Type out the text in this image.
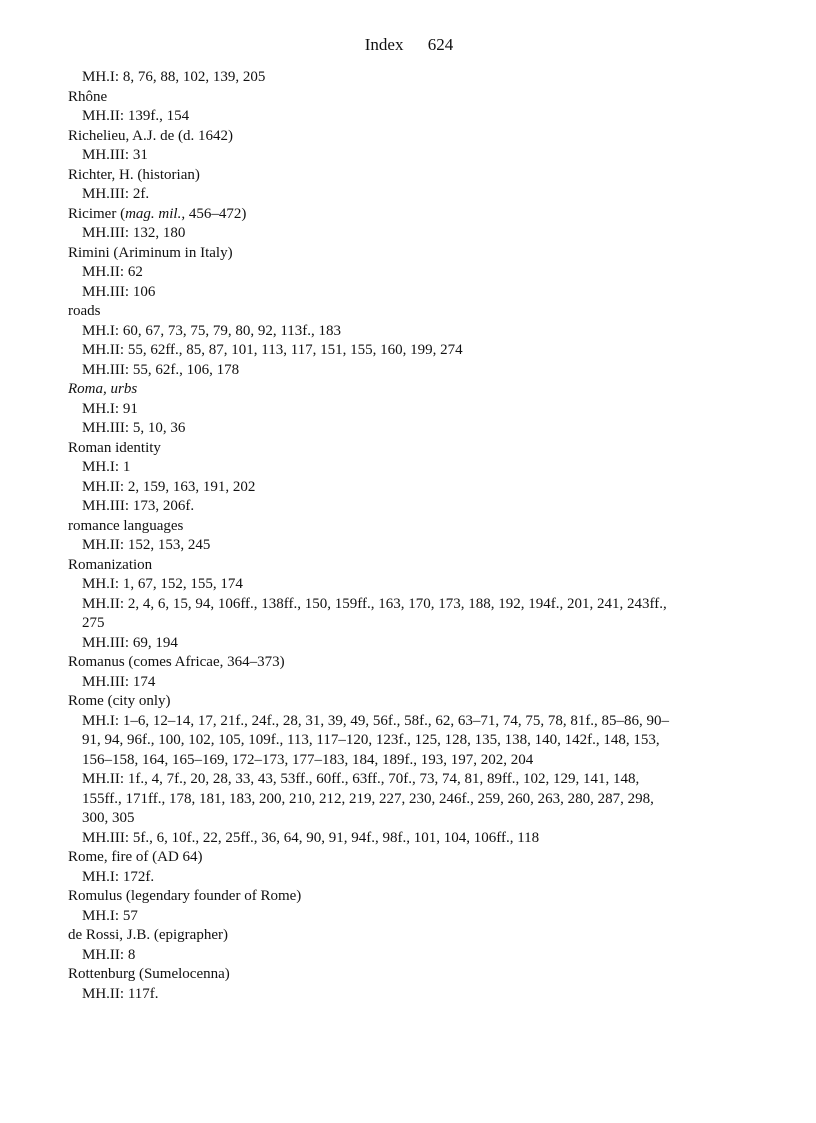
Index 624
MH.I: 8, 76, 88, 102, 139, 205
Rhône
MH.II: 139f., 154
Richelieu, A.J. de (d. 1642)
MH.III: 31
Richter, H. (historian)
MH.III: 2f.
Ricimer (mag. mil., 456–472)
MH.III: 132, 180
Rimini (Ariminum in Italy)
MH.II: 62
MH.III: 106
roads
MH.I: 60, 67, 73, 75, 79, 80, 92, 113f., 183
MH.II: 55, 62ff., 85, 87, 101, 113, 117, 151, 155, 160, 199, 274
MH.III: 55, 62f., 106, 178
Roma, urbs
MH.I: 91
MH.III: 5, 10, 36
Roman identity
MH.I: 1
MH.II: 2, 159, 163, 191, 202
MH.III: 173, 206f.
romance languages
MH.II: 152, 153, 245
Romanization
MH.I: 1, 67, 152, 155, 174
MH.II: 2, 4, 6, 15, 94, 106ff., 138ff., 150, 159ff., 163, 170, 173, 188, 192, 194f., 201, 241, 243ff.,
275
MH.III: 69, 194
Romanus (comes Africae, 364–373)
MH.III: 174
Rome (city only)
MH.I: 1–6, 12–14, 17, 21f., 24f., 28, 31, 39, 49, 56f., 58f., 62, 63–71, 74, 75, 78, 81f., 85–86, 90–
91, 94, 96f., 100, 102, 105, 109f., 113, 117–120, 123f., 125, 128, 135, 138, 140, 142f., 148, 153,
156–158, 164, 165–169, 172–173, 177–183, 184, 189f., 193, 197, 202, 204
MH.II: 1f., 4, 7f., 20, 28, 33, 43, 53ff., 60ff., 63ff., 70f., 73, 74, 81, 89ff., 102, 129, 141, 148,
155ff., 171ff., 178, 181, 183, 200, 210, 212, 219, 227, 230, 246f., 259, 260, 263, 280, 287, 298,
300, 305
MH.III: 5f., 6, 10f., 22, 25ff., 36, 64, 90, 91, 94f., 98f., 101, 104, 106ff., 118
Rome, fire of (AD 64)
MH.I: 172f.
Romulus (legendary founder of Rome)
MH.I: 57
de Rossi, J.B. (epigrapher)
MH.II: 8
Rottenburg (Sumelocenna)
MH.II: 117f.
